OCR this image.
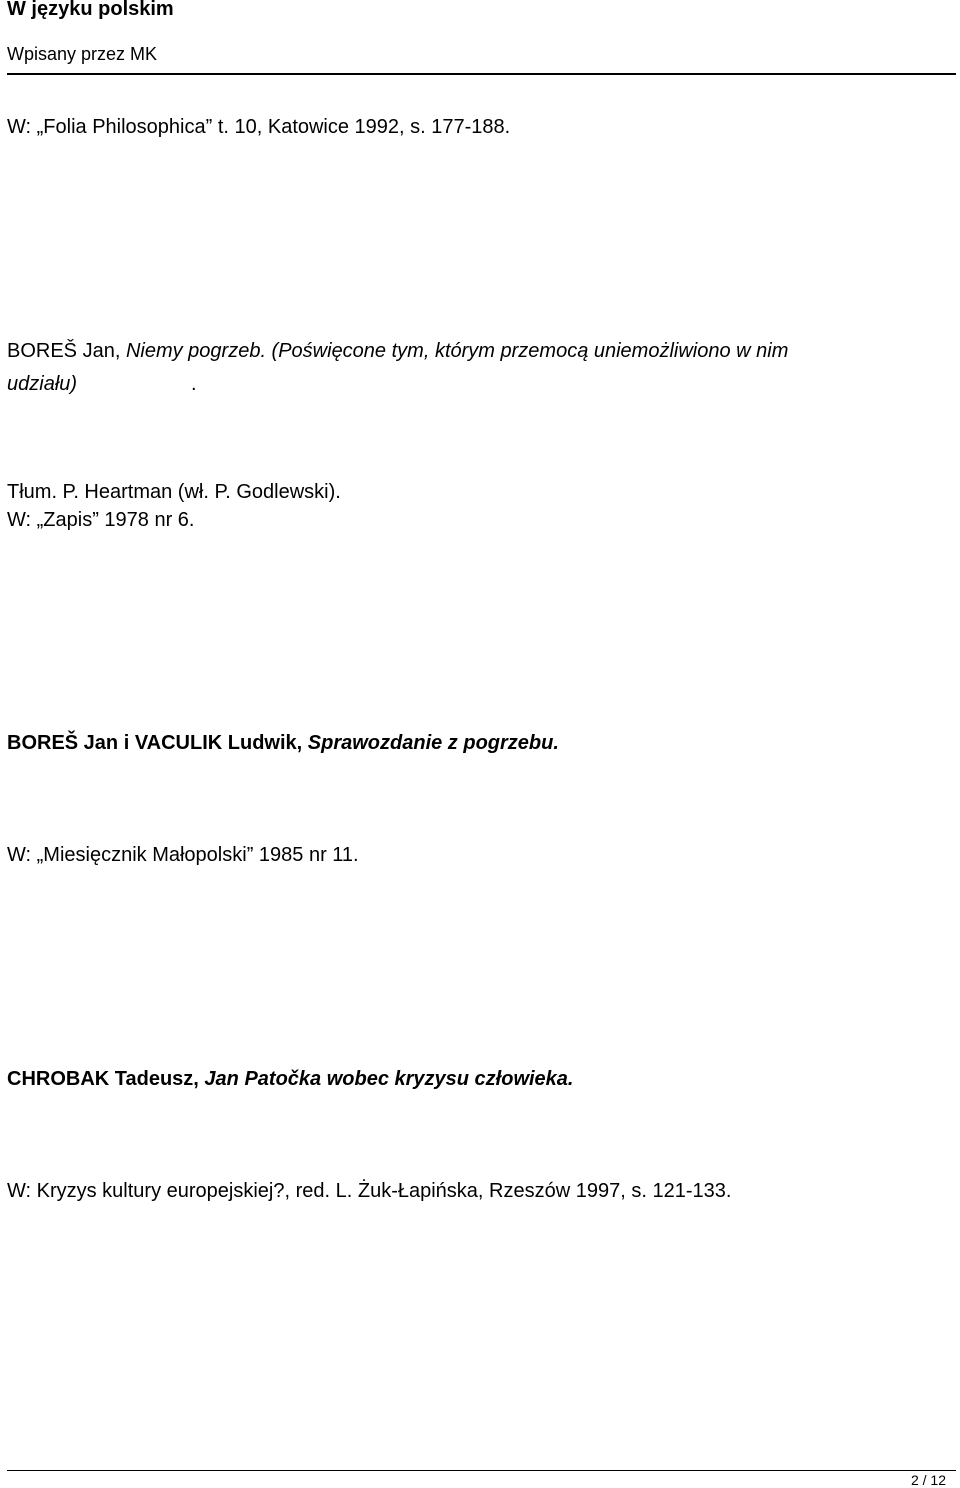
W języku polskim
Wpisany przez MK
W: „Folia Philosophica” t. 10, Katowice 1992, s. 177-188.
BOREŠ Jan, Niemy pogrzeb. (Poświęcone tym, którym przemocą uniemożliwiono w nim
udziału)	.
Tłum. P. Heartman (wł. P. Godlewski).
W: „Zapis” 1978 nr 6.
BOREŠ Jan i VACULIK Ludwik, Sprawozdanie z pogrzebu.
W: „Miesięcznik Małopolski” 1985 nr 11.
CHROBAK Tadeusz, Jan Patočka wobec kryzysu człowieka.
W: Kryzys kultury europejskiej?, red. L. Żuk-Łapińska, Rzeszów 1997, s. 121-133.
2 / 12
